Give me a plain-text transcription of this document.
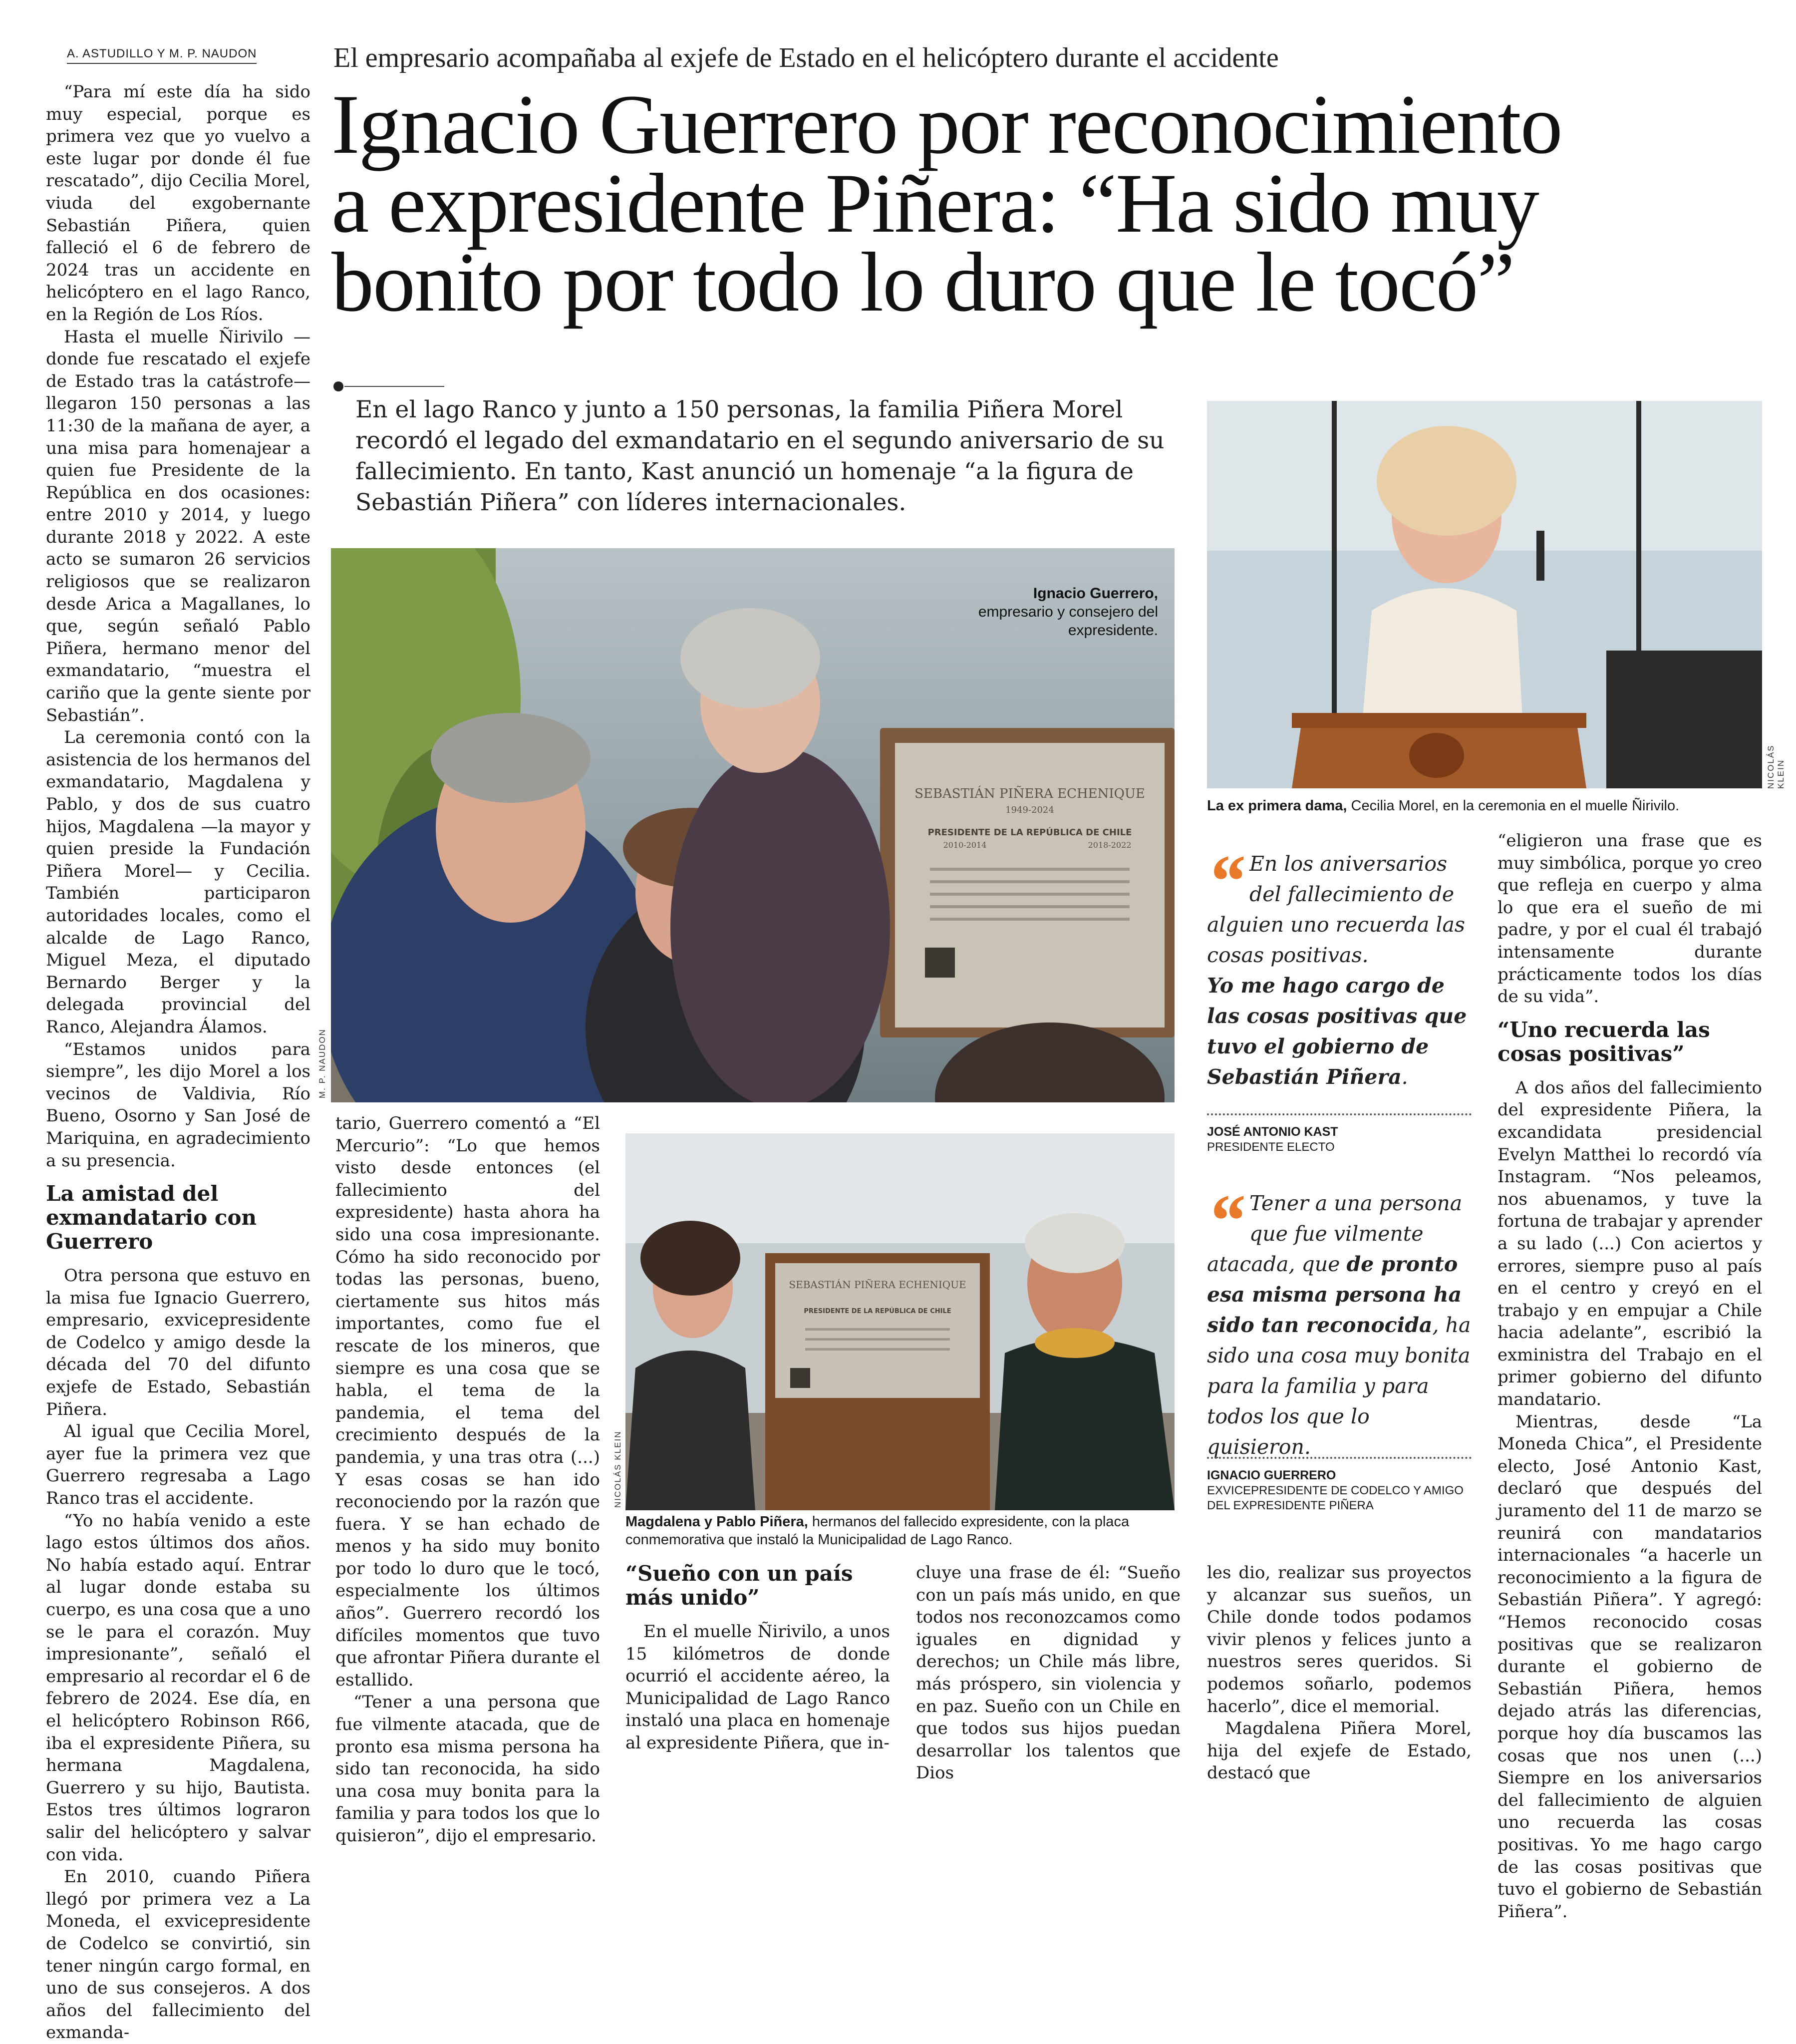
A. ASTUDILLO Y M. P. NAUDON	El empresario acompañaba al exjefe de Estado en el helicóptero durante el accidente
Ignacio Guerrero por reconocimiento
a expresidente Piñera: “Ha sido muy
bonito por todo lo duro que le tocó”
En el lago Ranco y junto a 150 personas, la familia Piñera Morel recordó el legado del exmandatario en el segundo aniversario de su fallecimiento. En tanto, Kast anunció un homenaje “a la figura de Sebastián Piñera” con líderes internacionales.

“Para mí este día ha sido muy especial, porque es primera vez que yo vuelvo a este lugar por donde él fue rescatado”, dijo Cecilia Morel, viuda del exgobernante Sebastián Piñera, quien falleció el 6 de febrero de 2024 tras un accidente en helicóptero en el lago Ranco, en la Región de Los Ríos.

Hasta el muelle Ñirivilo —donde fue rescatado el exjefe de Estado tras la catástrofe— llegaron 150 personas a las 11:30 de la mañana de ayer, a una misa para homenajear a quien fue Presidente de la República en dos ocasiones: entre 2010 y 2014, y luego durante 2018 y 2022. A este acto se sumaron 26 servicios religiosos que se realizaron desde Arica a Magallanes, lo que, según señaló Pablo Piñera, hermano menor del exmandatario, “muestra el cariño que la gente siente por Sebastián”.

La ceremonia contó con la asistencia de los hermanos del exmandatario, Magdalena y Pablo, y dos de sus cuatro hijos, Magdalena —la mayor y quien preside la Fundación Piñera Morel— y Cecilia. También participaron autoridades locales, como el alcalde de Lago Ranco, Miguel Meza, el diputado Bernardo Berger y la delegada provincial del Ranco, Alejandra Álamos.

“Estamos unidos para siempre”, les dijo Morel a los vecinos de Valdivia, Río Bueno, Osorno y San José de Mariquina, en agradecimiento a su presencia.

La amistad del exmandatario con Guerrero

Otra persona que estuvo en la misa fue Ignacio Guerrero, empresario, exvicepresidente de Codelco y amigo desde la década del 70 del difunto exjefe de Estado, Sebastián Piñera.

Al igual que Cecilia Morel, ayer fue la primera vez que Guerrero regresaba a Lago Ranco tras el accidente.

“Yo no había venido a este lago estos últimos dos años. No había estado aquí. Entrar al lugar donde estaba su cuerpo, es una cosa que a uno se le para el corazón. Muy impresionante”, señaló el empresario al recordar el 6 de febrero de 2024. Ese día, en el helicóptero Robinson R66, iba el expresidente Piñera, su hermana Magdalena, Guerrero y su hijo, Bautista. Estos tres últimos lograron salir del helicóptero y salvar con vida.

En 2010, cuando Piñera llegó por primera vez a La Moneda, el exvicepresidente de Codelco se convirtió, sin tener ningún cargo formal, en uno de sus consejeros. A dos años del fallecimiento del exmanda-

SEBASTIÁN PIÑERA ECHENIQUE
1949-2024
PRESIDENTE DE LA REPÚBLICA DE CHILE
2010-2014	2018-2022
Ignacio Guerrero,
empresario y consejero del expresidente.
M. P. NAUDON
NICOLÁS KLEIN
La ex primera dama, Cecilia Morel, en la ceremonia en el muelle Ñirivilo.
“ En los aniversarios del fallecimiento de alguien uno recuerda las cosas positivas.
Yo me hago cargo de las cosas positivas que tuvo el gobierno de Sebastián Piñera.
JOSÉ ANTONIO KAST
PRESIDENTE ELECTO
“ Tener a una persona que fue vilmente atacada, que de pronto esa misma persona ha sido tan reconocida, ha sido una cosa muy bonita para la familia y para todos los que lo quisieron.
IGNACIO GUERRERO
EXVICEPRESIDENTE DE CODELCO Y AMIGO DEL EXPRESIDENTE PIÑERA

tario, Guerrero comentó a “El Mercurio”: “Lo que hemos visto desde entonces (el fallecimiento del expresidente) hasta ahora ha sido una cosa impresionante. Cómo ha sido reconocido por todas las personas, bueno, ciertamente sus hitos más importantes, como fue el rescate de los mineros, que siempre es una cosa que se habla, el tema de la pandemia, el tema del crecimiento después de la pandemia, y una tras otra (...) Y esas cosas se han ido reconociendo por la razón que fuera. Y se han echado de menos y ha sido muy bonito por todo lo duro que le tocó, especialmente los últimos años”. Guerrero recordó los difíciles momentos que tuvo que afrontar Piñera durante el estallido.

“Tener a una persona que fue vilmente atacada, que de pronto esa misma persona ha sido tan reconocida, ha sido una cosa muy bonita para la familia y para todos los que lo quisieron”, dijo el empresario.

SEBASTIÁN PIÑERA ECHENIQUE
PRESIDENTE DE LA REPÚBLICA DE CHILE
NICOLÁS KLEIN
Magdalena y Pablo Piñera, hermanos del fallecido expresidente, con la placa conmemorativa que instaló la Municipalidad de Lago Ranco.
“Sueño con un país más unido”

En el muelle Ñirivilo, a unos 15 kilómetros de donde ocurrió el accidente aéreo, la Municipalidad de Lago Ranco instaló una placa en homenaje al expresidente Piñera, que in-

cluye una frase de él: “Sueño con un país más unido, en que todos nos reconozcamos como iguales en dignidad y derechos; un Chile más libre, más próspero, sin violencia y en paz. Sueño con un Chile en que todos sus hijos puedan desarrollar los talentos que Dios

les dio, realizar sus proyectos y alcanzar sus sueños, un Chile donde todos podamos vivir plenos y felices junto a nuestros seres queridos. Si podemos soñarlo, podemos hacerlo”, dice el memorial.

Magdalena Piñera Morel, hija del exjefe de Estado, destacó que

“eligieron una frase que es muy simbólica, porque yo creo que refleja en cuerpo y alma lo que era el sueño de mi padre, y por el cual él trabajó intensamente durante prácticamente todos los días de su vida”.

“Uno recuerda las cosas positivas”

A dos años del fallecimiento del expresidente Piñera, la excandidata presidencial Evelyn Matthei lo recordó vía Instagram. “Nos peleamos, nos abuenamos, y tuve la fortuna de trabajar y aprender a su lado (...) Con aciertos y errores, siempre puso al país en el centro y creyó en el trabajo y en empujar a Chile hacia adelante”, escribió la exministra del Trabajo en el primer gobierno del difunto mandatario.

Mientras, desde “La Moneda Chica”, el Presidente electo, José Antonio Kast, declaró que después del juramento del 11 de marzo se reunirá con mandatarios internacionales “a hacerle un reconocimiento a la figura de Sebastián Piñera”. Y agregó: “Hemos reconocido cosas positivas que se realizaron durante el gobierno de Sebastián Piñera, hemos dejado atrás las diferencias, porque hoy día buscamos las cosas que nos unen (...) Siempre en los aniversarios del fallecimiento de alguien uno recuerda las cosas positivas. Yo me hago cargo de las cosas positivas que tuvo el gobierno de Sebastián Piñera”.
